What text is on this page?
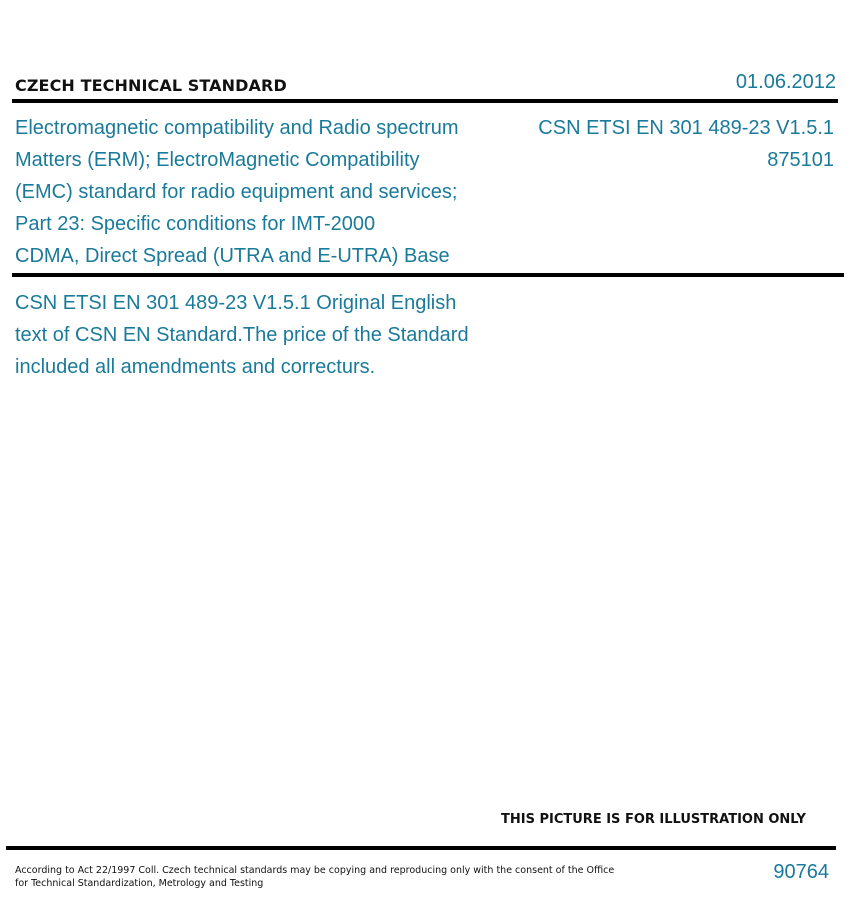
CZECH TECHNICAL STANDARD	01.06.2012
Electromagnetic compatibility and Radio spectrum
Matters (ERM); ElectroMagnetic Compatibility
(EMC) standard for radio equipment and services;
Part 23: Specific conditions for IMT-2000
CDMA, Direct Spread (UTRA and E-UTRA) Base
CSN ETSI EN 301 489-23 V1.5.1
875101
CSN ETSI EN 301 489-23 V1.5.1 Original English
text of CSN EN Standard.The price of the Standard
included all amendments and correcturs.
THIS PICTURE IS FOR ILLUSTRATION ONLY
According to Act 22/1997 Coll. Czech technical standards may be copying and reproducing only with the consent of the Office
for Technical Standardization, Metrology and Testing
90764
